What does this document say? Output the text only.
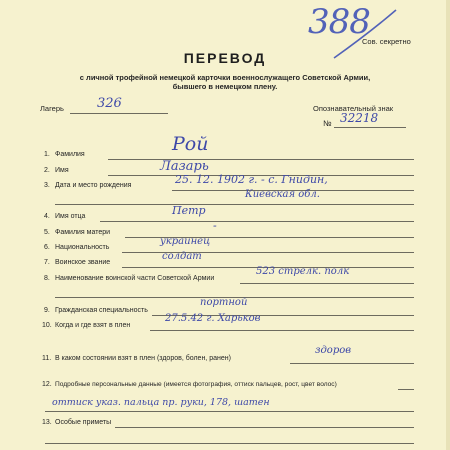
388
Сов. секретно
ПЕРЕВОД
с личной трофейной немецкой карточки военнослужащего Советской Армии,
бывшего в немецком плену.
Лагерь	326	Опознавательный знак
№ 32218
1. Фамилия	Рой
2. Имя	Лазарь
3. Дата и место рождения	25. 12. 1902 г. - с. Гнидин,
Киевская обл.
4. Имя отца	Петр
5. Фамилия матери
-
6. Национальность
украинец
7. Воинское звание
солдат
8. Наименование воинской части Советской Армии
523 стрелк. полк
9. Гражданская специальность
портной
10. Когда и где взят в плен
27.5.42 г. Харьков
11. В каком состоянии взят в плен (здоров, болен, ранен)
здоров
12. Подробные персональные данные (имеется фотография, оттиск пальцев, рост, цвет волос)
оттиск указ. пальца пр. руки, 178, шатен
13. Особые приметы
